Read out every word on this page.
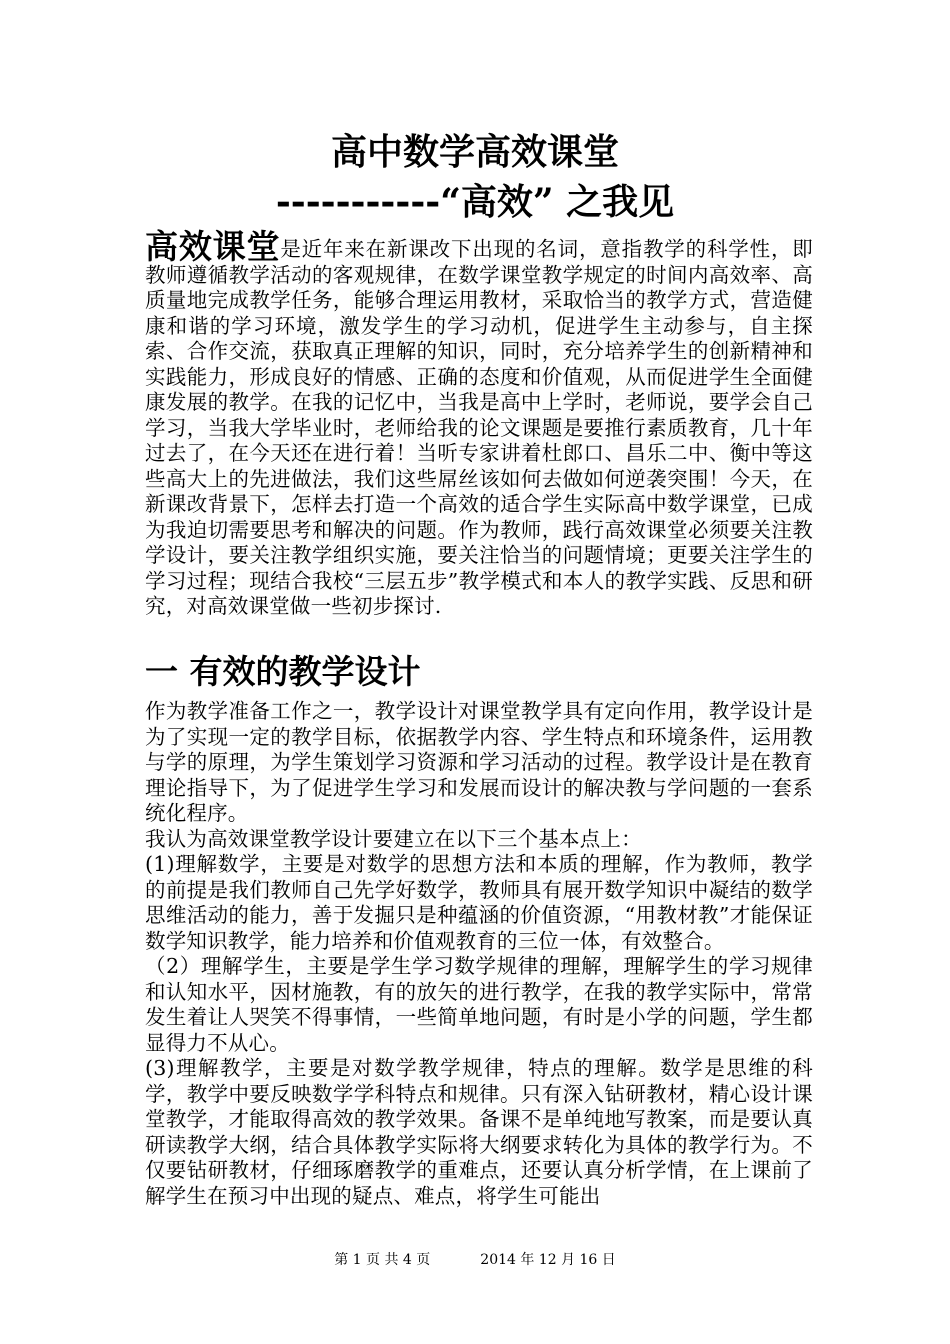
高中数学高效课堂
-----------“高效” 之我见
高效课堂是近年来在新课改下出现的名词，意指教学的科学性，即教师遵循教学活动的客观规律，在数学课堂教学规定的时间内高效率、高质量地完成教学任务，能够合理运用教材，采取恰当的教学方式，营造健康和谐的学习环境，激发学生的学习动机，促进学生主动参与，自主探索、合作交流，获取真正理解的知识，同时，充分培养学生的创新精神和实践能力，形成良好的情感、正确的态度和价值观，从而促进学生全面健康发展的教学。在我的记忆中，当我是高中上学时，老师说，要学会自己学习，当我大学毕业时，老师给我的论文课题是要推行素质教育，几十年过去了，在今天还在进行着！当听专家讲着杜郎口、昌乐二中、衡中等这些高大上的先进做法，我们这些屌丝该如何去做如何逆袭突围！今天，在新课改背景下，怎样去打造一个高效的适合学生实际高中数学课堂，已成为我迫切需要思考和解决的问题。作为教师，践行高效课堂必须要关注教学设计，要关注教学组织实施，要关注恰当的问题情境；更要关注学生的学习过程；现结合我校“三层五步”教学模式和本人的教学实践、反思和研究，对高效课堂做一些初步探讨.
一 有效的教学设计

作为教学准备工作之一，教学设计对课堂教学具有定向作用，教学设计是为了实现一定的教学目标，依据教学内容、学生特点和环境条件，运用教与学的原理，为学生策划学习资源和学习活动的过程。教学设计是在教育理论指导下，为了促进学生学习和发展而设计的解决教与学问题的一套系统化程序。

我认为高效课堂教学设计要建立在以下三个基本点上：

(1)理解数学，主要是对数学的思想方法和本质的理解，作为教师，教学的前提是我们教师自己先学好数学，教师具有展开数学知识中凝结的数学思维活动的能力，善于发掘只是种蕴涵的价值资源，“用教材教”才能保证数学知识教学，能力培养和价值观教育的三位一体，有效整合。

（2）理解学生，主要是学生学习数学规律的理解，理解学生的学习规律和认知水平，因材施教，有的放矢的进行教学，在我的教学实际中，常常发生着让人哭笑不得事情，一些简单地问题，有时是小学的问题，学生都显得力不从心。

(3)理解教学，主要是对数学教学规律，特点的理解。数学是思维的科学，教学中要反映数学学科特点和规律。只有深入钻研教材，精心设计课堂教学，才能取得高效的教学效果。备课不是单纯地写教案，而是要认真研读教学大纲，结合具体教学实际将大纲要求转化为具体的教学行为。不仅要钻研教材，仔细琢磨教学的重难点，还要认真分析学情，在上课前了解学生在预习中出现的疑点、难点，将学生可能出

第 1 页 共 4 页	2014 年 12 月 16 日
